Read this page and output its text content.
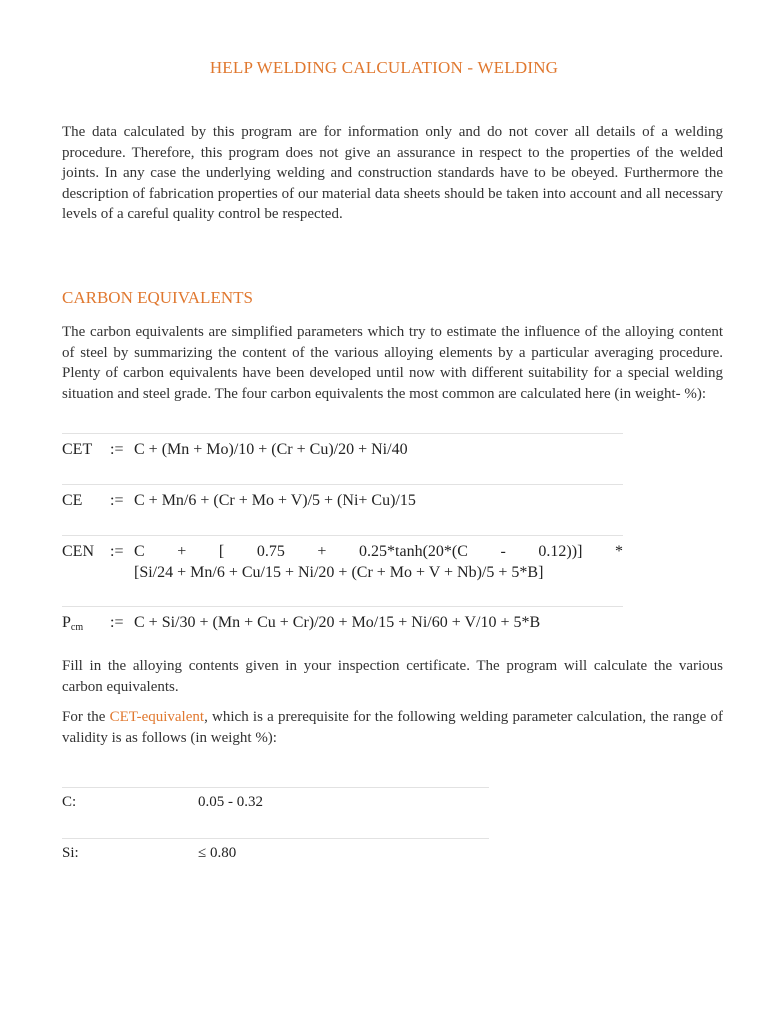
HELP WELDING CALCULATION - WELDING
The data calculated by this program are for information only and do not cover all details of a welding procedure. Therefore, this program does not give an assurance in respect to the properties of the welded joints. In any case the underlying welding and construction standards have to be obeyed. Furthermore the description of fabrication properties of our material data sheets should be taken into account and all necessary levels of a careful quality control be respected.
CARBON EQUIVALENTS
The carbon equivalents are simplified parameters which try to estimate the influence of the alloying content of steel by summarizing the content of the various alloying elements by a particular averaging procedure. Plenty of carbon equivalents have been developed until now with different suitability for a special welding situation and steel grade. The four carbon equivalents the most common are calculated here (in weight- %):
CET := C + (Mn + Mo)/10 + (Cr + Cu)/20 + Ni/40
CE := C + Mn/6 + (Cr + Mo + V)/5 + (Ni+ Cu)/15
CEN := C + [ 0.75 + 0.25*tanh(20*(C - 0.12))] *
[Si/24 + Mn/6 + Cu/15 + Ni/20 + (Cr + Mo + V + Nb)/5 + 5*B]
Pcm := C + Si/30 + (Mn + Cu + Cr)/20 + Mo/15 + Ni/60 + V/10 + 5*B
Fill in the alloying contents given in your inspection certificate. The program will calculate the various carbon equivalents.
For the CET-equivalent, which is a prerequisite for the following welding parameter calculation, the range of validity is as follows (in weight %):
C:	0.05 - 0.32
Si:	≤ 0.80
